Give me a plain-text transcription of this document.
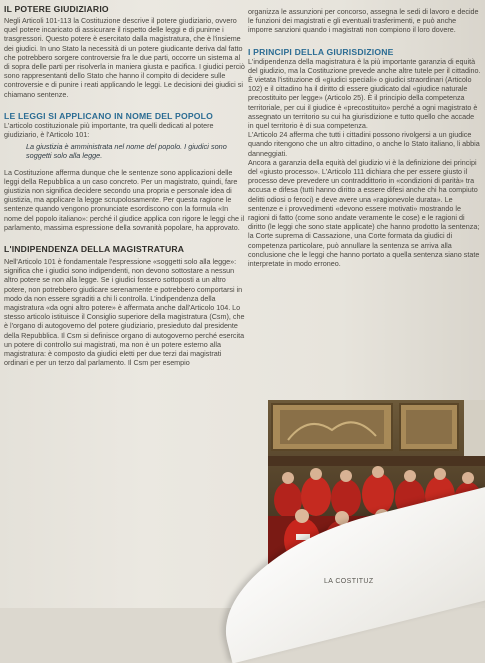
IL POTERE GIUDIZIARIO

Negli Articoli 101-113 la Costituzione descrive il potere giudiziario, ovvero quel potere incaricato di assicurare il rispetto delle leggi e di punirne i trasgressori. Questo potere è esercitato dalla magistratura, che è l'insieme dei giudici. In uno Stato la necessità di un potere giudicante deriva dal fatto che potrebbero sorgere controversie fra le due parti, occorre un sistema al di sopra delle parti per risolverla in maniera giusta e pacifica. I giudici perciò sono rappresentanti dello Stato che hanno il compito di decidere sulle controversie e di punire i reati applicando le leggi. Le decisioni dei giudici si chiamano sentenze.

LE LEGGI SI APPLICANO IN NOME DEL POPOLO

L'articolo costituzionale più importante, tra quelli dedicati al potere giudiziario, è l'Articolo 101:

La giustizia è amministrata nel nome del popolo. I giudici sono soggetti solo alla legge.

La Costituzione afferma dunque che le sentenze sono applicazioni delle leggi della Repubblica a un caso concreto. Per un magistrato, quindi, fare giustizia non significa decidere secondo una propria e personale idea di giustizia, ma applicare la legge scrupolosamente. Per questa ragione le sentenze quando vengono pronunciate esordiscono con la formula «In nome del popolo italiano»: perché il giudice applica con rigore le leggi che il parlamento, massima espressione della sovranità popolare, ha approvato.

L'INDIPENDENZA DELLA MAGISTRATURA

Nell'Articolo 101 è fondamentale l'espressione «soggetti solo alla legge»: significa che i giudici sono indipendenti, non devono sottostare a nessun altro potere se non alla legge. Se i giudici fossero sottoposti a un altro potere, non potrebbero giudicare serenamente e potrebbero comportarsi in modo da non essere sgraditi a chi li controlla. L'indipendenza della magistratura «da ogni altro potere» è affermata anche dall'Articolo 104. Lo stesso articolo istituisce il Consiglio superiore della magistratura (Csm), che è l'organo di autogoverno del potere giudiziario, presieduto dal presidente della Repubblica. Il Csm si definisce organo di autogoverno perché esercita un potere di controllo sui magistrati, ma non è un potere esterno alla magistratura: è composto da giudici eletti per due terzi dai magistrati ordinari e per un terzo dal parlamento. Il Csm per esempio

organizza le assunzioni per concorso, assegna le sedi di lavoro e decide le funzioni dei magistrati e gli eventuali trasferimenti, e può anche imporre sanzioni quando i magistrati non compiono il loro dovere.

I PRINCIPI DELLA GIURISDIZIONE

L'indipendenza della magistratura è la più importante garanzia di equità del giudizio, ma la Costituzione prevede anche altre tutele per il cittadino. È vietata l'istituzione di «giudici speciali» o giudici straordinari (Articolo 102) e il cittadino ha il diritto di essere giudicato dal «giudice naturale precostituito per legge» (Articolo 25). È il principio della competenza territoriale, per cui il giudice è «precostituito» perché a ogni magistrato è assegnato un territorio su cui ha giurisdizione e tutto quello che accade in quel territorio è di sua competenza.

L'Articolo 24 afferma che tutti i cittadini possono rivolgersi a un giudice quando ritengono che un altro cittadino, o anche lo Stato italiano, li abbia danneggiati.

Ancora a garanzia della equità del giudizio vi è la definizione dei principi del «giusto processo». L'Articolo 111 dichiara che per essere giusto il processo deve prevedere un contraddittorio in «condizioni di parità» tra accusa e difesa (tutti hanno diritto a essere difesi anche chi ha compiuto delitti odiosi o feroci) e deve avere una «ragionevole durata». Le sentenze e i provvedimenti «devono essere motivati» mostrando le ragioni di fatto (come sono andate veramente le cose) e le ragioni di diritto (le leggi che sono state applicate) che hanno prodotto la sentenza; la Corte suprema di Cassazione, una Corte formata da giudici di competenza particolare, può annullare la sentenza se arriva alla conclusione che le leggi che hanno portato a quella sentenza siano state interpretate in modo erroneo.

LA COSTITUZ
